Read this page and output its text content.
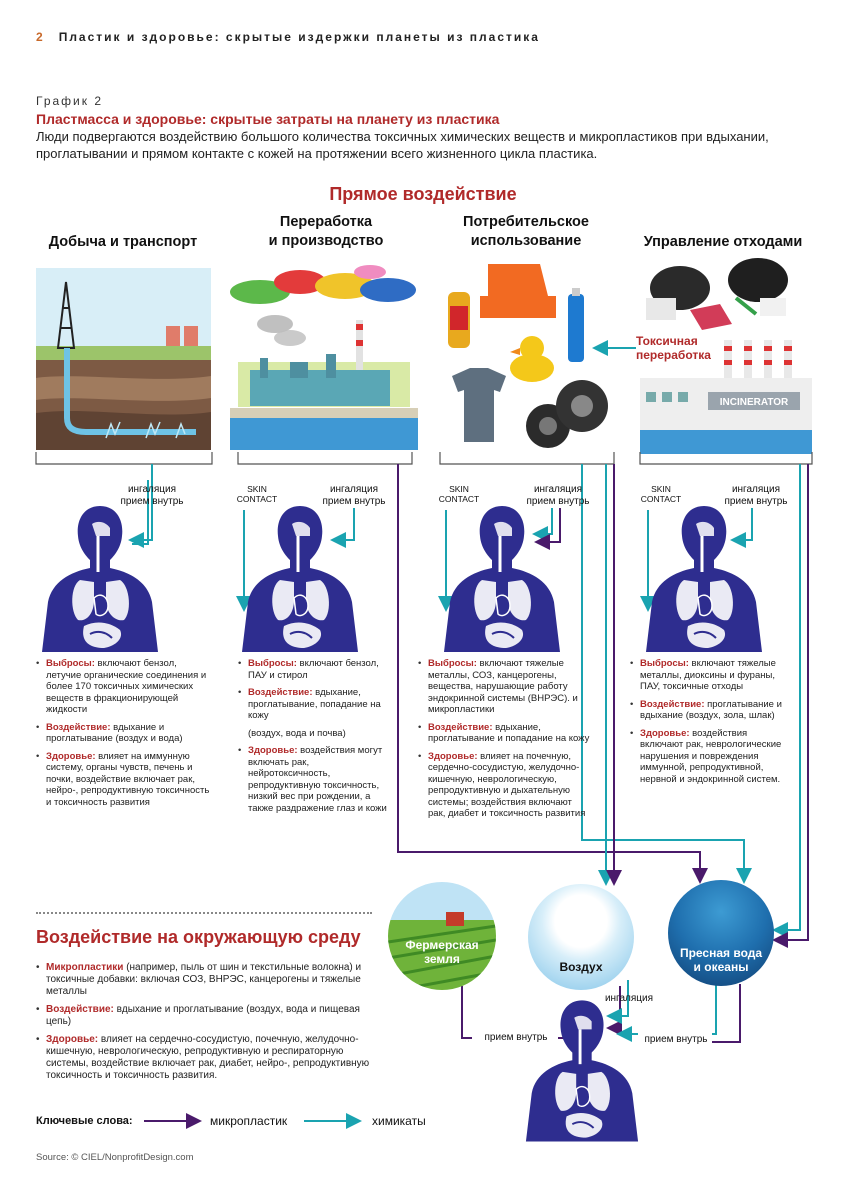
2 Пластик и здоровье: скрытые издержки планеты из пластика
График 2
Пластмасса и здоровье: скрытые затраты на планету из пластика
Люди подвергаются воздействию большого количества токсичных химических веществ и микропластиков при вдыхании, проглатывании и прямом контакте с кожей на протяжении всего жизненного цикла пластика.
Прямое воздействие
Добыча и транспорт
Переработка
и производство
Потребительское
использование	Управление отходами
INCINERATOR
Токсичная
переработка
ингаляция
прием внутрь
SKIN
CONTACT
ингаляция
прием внутрь
SKIN
CONTACT
ингаляция
прием внутрь
SKIN
CONTACT
ингаляция
прием внутрь
• Выбросы: включают бензол, летучие органические соединения и более 170 токсичных химических веществ в фракционирующей жидкости
• Воздействие: вдыхание и проглатывание (воздух и вода)
• Здоровье: влияет на иммунную систему, органы чувств, печень и почки, воздействие включает рак, нейро-, репродуктивную токсичность и токсичность развития
• Выбросы: включают бензол, ПАУ и стирол
• Воздействие: вдыхание, проглатывание, попадание на кожу
(воздух, вода и почва)
• Здоровье: воздействия могут включать рак, нейротоксичность, репродуктивную токсичность, низкий вес при рождении, а также раздражение глаз и кожи
• Выбросы: включают тяжелые металлы, СОЗ, канцерогены, вещества, нарушающие работу эндокринной системы (ВНРЭС). и микропластики
• Воздействие: вдыхание, проглатывание и попадание на кожу
• Здоровье: влияет на почечную, сердечно-сосудистую, желудочно-кишечную, неврологическую, репродуктивную и дыхательную системы; воздействия включают рак, диабет и токсичность развития
• Выбросы: включают тяжелые металлы, диоксины и фураны, ПАУ, токсичные отходы
• Воздействие: проглатывание и вдыхание (воздух, зола, шлак)
• Здоровье: воздействия включают рак, неврологические нарушения и повреждения иммунной, репродуктивной, нервной и эндокринной систем.
Воздействие на окружающую среду
• Микропластики (например, пыль от шин и текстильные волокна) и токсичные добавки: включая СОЗ, ВНРЭС, канцерогены и тяжелые металлы
• Воздействие: вдыхание и проглатывание (воздух, вода и пищевая цепь)
• Здоровье: влияет на сердечно-сосудистую, почечную, желудочно-кишечную, неврологическую, репродуктивную и респираторную системы, воздействие включает рак, диабет, нейро-, репродуктивную токсичность и токсичность развития.
Фермерская
земля
Воздух
Пресная вода
и океаны
прием внутрь
ингаляция
прием внутрь
Ключевые слова:	микропластик	химикаты
Source: © CIEL/NonprofitDesign.com
